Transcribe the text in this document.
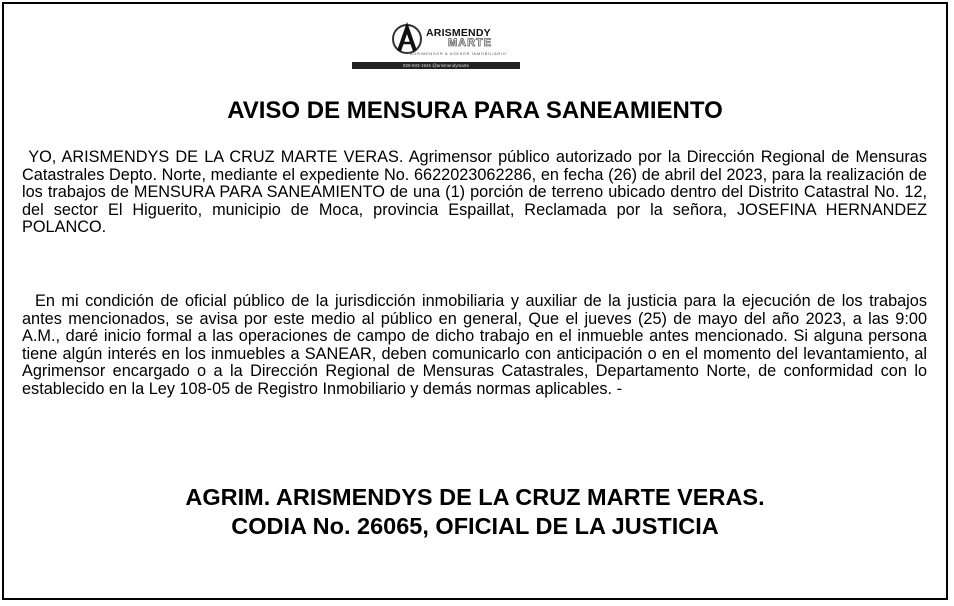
ARISMENDY
MARTE
AGRIMENSOR & ASESOR INMOBILIARIO
829-933-1946 @arismendymarte
AVISO DE MENSURA PARA SANEAMIENTO

YO, ARISMENDYS DE LA CRUZ MARTE VERAS. Agrimensor público autorizado por la Dirección Regional de Mensuras Catastrales Depto. Norte, mediante el expediente No. 6622023062286, en fecha (26) de abril del 2023, para la realización de los trabajos de MENSURA PARA SANEAMIENTO de una (1) porción de terreno ubicado dentro del Distrito Catastral No. 12, del sector El Higuerito, municipio de Moca, provincia Espaillat, Reclamada por la señora, JOSEFINA HERNANDEZ POLANCO.

En mi condición de oficial público de la jurisdicción inmobiliaria y auxiliar de la justicia para la ejecución de los trabajos antes mencionados, se avisa por este medio al público en general, Que el jueves (25) de mayo del año 2023, a las 9:00 A.M., daré inicio formal a las operaciones de campo de dicho trabajo en el inmueble antes mencionado. Si alguna persona tiene algún interés en los inmuebles a SANEAR, deben comunicarlo con anticipación o en el momento del levantamiento, al Agrimensor encargado o a la Dirección Regional de Mensuras Catastrales, Departamento Norte, de conformidad con lo establecido en la Ley 108-05 de Registro Inmobiliario y demás normas aplicables. -

AGRIM. ARISMENDYS DE LA CRUZ MARTE VERAS.

CODIA No. 26065, OFICIAL DE LA JUSTICIA
